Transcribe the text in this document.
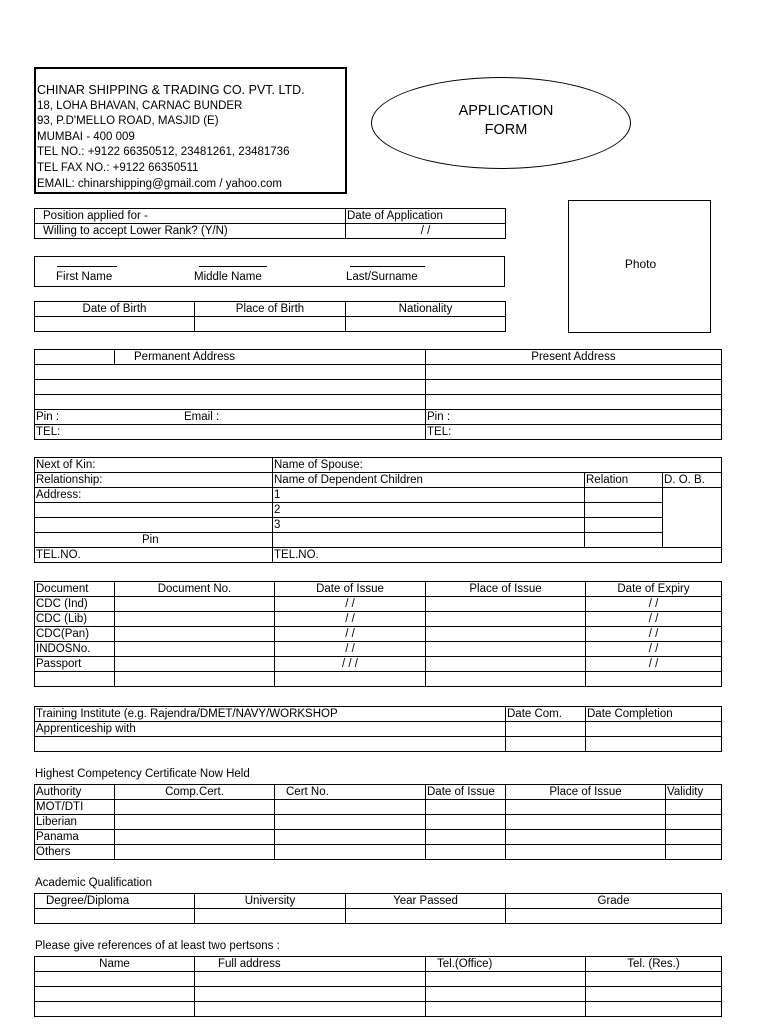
CHINAR SHIPPING & TRADING CO. PVT. LTD.
18, LOHA BHAVAN, CARNAC BUNDER
93, P.D'MELLO ROAD, MASJID (E)
MUMBAI - 400 009
TEL NO.: +9122 66350512, 23481261, 23481736
TEL FAX NO.: +9122 66350511
EMAIL: chinarshipping@gmail.com / yahoo.com
APPLICATION
FORM
Photo
Position applied for -	Date of Application
Willing to accept Lower Rank? (Y/N)	/ /
First Name	Middle Name	Last/Surname
Date of Birth	Place of Birth	Nationality

	Permanent Address	Present Address

Pin : Email :		Pin :
TEL:		TEL:
Next of Kin:	Name of Spouse:		
Relationship:	Name of Dependent Children	Relation	D. O. B.
Address:	1		
	2		
	3		
Pin			
TEL.NO.	TEL.NO.		
Document	Document No.	Date of Issue	Place of Issue	Date of Expiry
CDC (Ind)		/ /		/ /
CDC (Lib)		/ /		/ /
CDC(Pan)		/ /		/ /
INDOSNo.		/ /		/ /
Passport		/ / /		/ /

Training Institute (e.g. Rajendra/DMET/NAVY/WORKSHOP	Date Com.	Date Completion
Apprenticeship with		

Highest Competency Certificate Now Held
Authority	Comp.Cert.	Cert No.	Date of Issue	Place of Issue	Validity
MOT/DTI					
Liberian					
Panama					
Others					
Academic Qualification
Degree/Diploma	University	Year Passed	Grade

Please give references of at least two pertsons :
Name	Full address	Tel.(Office)	Tel. (Res.)
